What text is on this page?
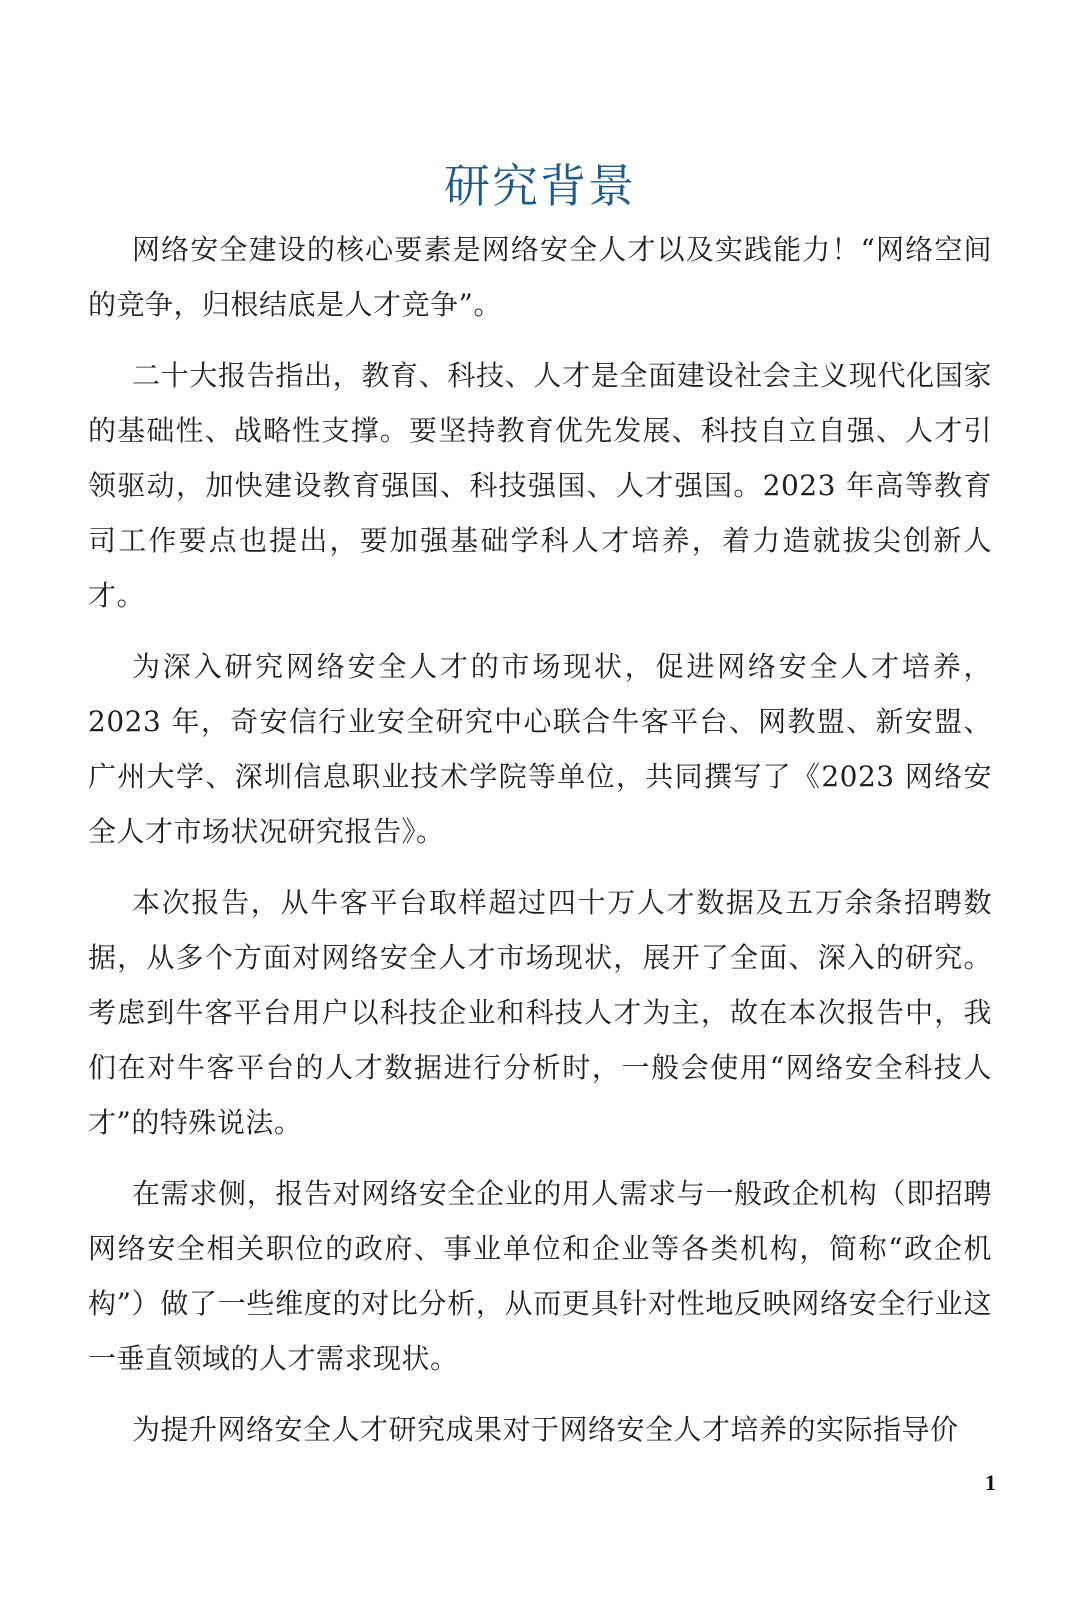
研究背景

网络安全建设的核心要素是网络安全人才以及实践能力！“网络空间的竞争，归根结底是人才竞争”。

二十大报告指出，教育、科技、人才是全面建设社会主义现代化国家的基础性、战略性支撑。要坚持教育优先发展、科技自立自强、人才引领驱动，加快建设教育强国、科技强国、人才强国。2023 年高等教育司工作要点也提出，要加强基础学科人才培养，着力造就拔尖创新人才。

为深入研究网络安全人才的市场现状，促进网络安全人才培养，2023 年，奇安信行业安全研究中心联合牛客平台、网教盟、新安盟、广州大学、深圳信息职业技术学院等单位，共同撰写了《2023 网络安全人才市场状况研究报告》。

本次报告，从牛客平台取样超过四十万人才数据及五万余条招聘数据，从多个方面对网络安全人才市场现状，展开了全面、深入的研究。考虑到牛客平台用户以科技企业和科技人才为主，故在本次报告中，我们在对牛客平台的人才数据进行分析时，一般会使用“网络安全科技人才”的特殊说法。

在需求侧，报告对网络安全企业的用人需求与一般政企机构（即招聘网络安全相关职位的政府、事业单位和企业等各类机构，简称“政企机构”）做了一些维度的对比分析，从而更具针对性地反映网络安全行业这一垂直领域的人才需求现状。

为提升网络安全人才研究成果对于网络安全人才培养的实际指导价

1
